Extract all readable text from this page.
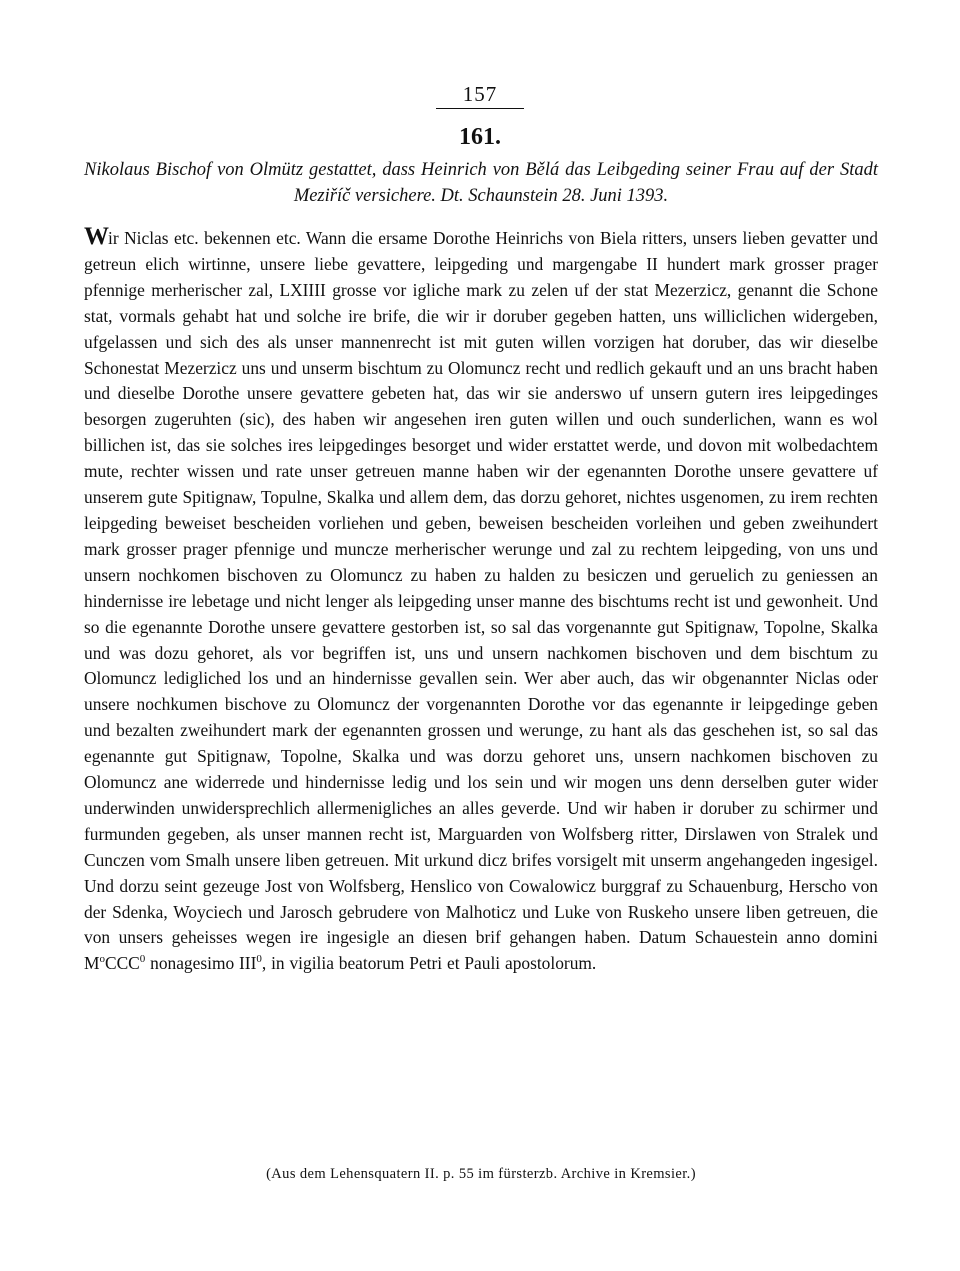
157
161.
Nikolaus Bischof von Olmütz gestattet, dass Heinrich von Bělá das Leibgeding seiner Frau auf der Stadt Meziříč versichere. Dt. Schaunstein 28. Juni 1393.
Wir Niclas etc. bekennen etc. Wann die ersame Dorothe Heinrichs von Biela ritters, unsers lieben gevatter und getreun elich wirtinne, unsere liebe gevattere, leipgeding und margengabe II hundert mark grosser prager pfennige merherischer zal, LXIIII grosse vor igliche mark zu zelen uf der stat Mezerzicz, genannt die Schone stat, vormals gehabt hat und solche ire brife, die wir ir doruber gegeben hatten, uns williclichen widergeben, ufgelassen und sich des als unser mannenrecht ist mit guten willen vorzigen hat doruber, das wir dieselbe Schonestat Mezerzicz uns und unserm bischtum zu Olomuncz recht und redlich gekauft und an uns bracht haben und dieselbe Dorothe unsere gevattere gebeten hat, das wir sie anderswo uf unsern gutern ires leipgedinges besorgen zugeruhten (sic), des haben wir angesehen iren guten willen und ouch sunderlichen, wann es wol billichen ist, das sie solches ires leipgedinges besorget und wider erstattet werde, und dovon mit wolbedachtem mute, rechter wissen und rate unser getreuen manne haben wir der egenannten Dorothe unsere gevattere uf unserem gute Spitignaw, Topulne, Skalka und allem dem, das dorzu gehoret, nichtes usgenomen, zu irem rechten leipgeding beweiset bescheiden vorliehen und geben, beweisen bescheiden vorleihen und geben zweihundert mark grosser prager pfennige und muncze merherischer werunge und zal zu rechtem leipgeding, von uns und unsern nochkomen bischoven zu Olomuncz zu haben zu halden zu besiczen und geruelich zu geniessen an hindernisse ire lebetage und nicht lenger als leipgeding unser manne des bischtums recht ist und gewonheit. Und so die egenannte Dorothe unsere gevattere gestorben ist, so sal das vorgenannte gut Spitignaw, Topolne, Skalka und was dozu gehoret, als vor begriffen ist, uns und unsern nachkomen bischoven und dem bischtum zu Olomuncz ledigliched los und an hindernisse gevallen sein. Wer aber auch, das wir obgenannter Niclas oder unsere nochkumen bischove zu Olomuncz der vorgenannten Dorothe vor das egenannte ir leipgedinge geben und bezalten zweihundert mark der egenannten grossen und werunge, zu hant als das geschehen ist, so sal das egenannte gut Spitignaw, Topolne, Skalka und was dorzu gehoret uns, unsern nachkomen bischoven zu Olomuncz ane widerrede und hindernisse ledig und los sein und wir mogen uns denn derselben guter wider underwinden unwidersprechlich allermenigliches an alles geverde. Und wir haben ir doruber zu schirmer und furmunden gegeben, als unser mannen recht ist, Marguarden von Wolfsberg ritter, Dirslawen von Stralek und Cunczen vom Smalh unsere liben getreuen. Mit urkund dicz brifes vorsigelt mit unserm angehangeden ingesigel. Und dorzu seint gezeuge Jost von Wolfsberg, Henslico von Cowalowicz burggraf zu Schauenburg, Herscho von der Sdenka, Woyciech und Jarosch gebrudere von Malhoticz und Luke von Ruskeho unsere liben getreuen, die von unsers geheisses wegen ire ingesigle an diesen brif gehangen haben. Datum Schauestein anno domini $M^oCCC^0$ nonagesimo III$^0$, in vigilia beatorum Petri et Pauli apostolorum.
(Aus dem Lehensquatern II. p. 55 im fürsterzb. Archive in Kremsier.)
